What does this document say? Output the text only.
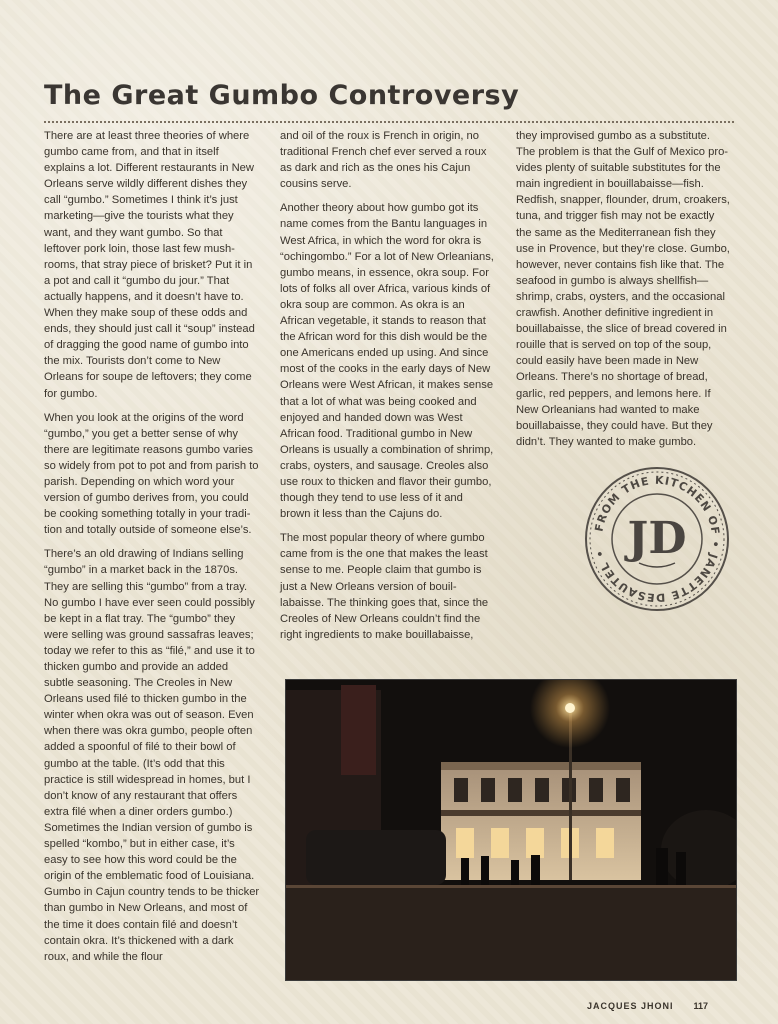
The Great Gumbo Controversy

There are at least three theories of where gumbo came from, and that in itself explains a lot. Different restaurants in New Orleans serve wildly different dishes they call “gumbo.” Sometimes I think it’s just marketing—give the tourists what they want, and they want gumbo. So that leftover pork loin, those last few mush-rooms, that stray piece of brisket? Put it in a pot and call it “gumbo du jour.” That actually happens, and it doesn’t have to. When they make soup of these odds and ends, they should just call it “soup” instead of dragging the good name of gumbo into the mix. Tourists don’t come to New Orleans for soupe de leftovers; they come for gumbo.

When you look at the origins of the word “gumbo,” you get a better sense of why there are legitimate reasons gumbo varies so widely from pot to pot and from parish to parish. Depending on which word your version of gumbo derives from, you could be cooking something totally in your tradi-tion and totally outside of someone else’s.

There’s an old drawing of Indians selling “gumbo” in a market back in the 1870s. They are selling this “gumbo” from a tray. No gumbo I have ever seen could possibly be kept in a flat tray. The “gumbo” they were selling was ground sassafras leaves; today we refer to this as “filé,” and use it to thicken gumbo and provide an added subtle seasoning. The Creoles in New Orleans used filé to thicken gumbo in the winter when okra was out of season. Even when there was okra gumbo, people often added a spoonful of filé to their bowl of gumbo at the table. (It’s odd that this practice is still widespread in homes, but I don’t know of any restaurant that offers extra filé when a diner orders gumbo.) Sometimes the Indian version of gumbo is spelled “kombo,” but in either case, it’s easy to see how this word could be the origin of the emblematic food of Louisiana. Gumbo in Cajun country tends to be thicker than gumbo in New Orleans, and most of the time it does contain filé and doesn’t contain okra. It’s thickened with a dark roux, and while the flour

and oil of the roux is French in origin, no traditional French chef ever served a roux as dark and rich as the ones his Cajun cousins serve.

Another theory about how gumbo got its name comes from the Bantu languages in West Africa, in which the word for okra is “ochingombo.” For a lot of New Orleanians, gumbo means, in essence, okra soup. For lots of folks all over Africa, various kinds of okra soup are common. As okra is an African vegetable, it stands to reason that the African word for this dish would be the one Americans ended up using. And since most of the cooks in the early days of New Orleans were West African, it makes sense that a lot of what was being cooked and enjoyed and handed down was West African food. Traditional gumbo in New Orleans is usually a combination of shrimp, crabs, oysters, and sausage. Creoles also use roux to thicken and flavor their gumbo, though they tend to use less of it and brown it less than the Cajuns do.

The most popular theory of where gumbo came from is the one that makes the least sense to me. People claim that gumbo is just a New Orleans version of bouil-labaisse. The thinking goes that, since the Creoles of New Orleans couldn’t find the right ingredients to make bouillabaisse,

they improvised gumbo as a substitute. The problem is that the Gulf of Mexico pro-vides plenty of suitable substitutes for the main ingredient in bouillabaisse—fish. Redfish, snapper, flounder, drum, croakers, tuna, and trigger fish may not be exactly the same as the Mediterranean fish they use in Provence, but they’re close. Gumbo, however, never contains fish like that. The seafood in gumbo is always shellfish—shrimp, crabs, oysters, and the occasional crawfish. Another definitive ingredient in bouillabaisse, the slice of bread covered in rouille that is served on top of the soup, could easily have been made in New Orleans. There’s no shortage of bread, garlic, red peppers, and lemons here. If New Orleanians had wanted to make bouillabaisse, they could have. But they didn’t. They wanted to make gumbo.

FROM THE KITCHEN OF • JANETTE DESAUTEL • JD
JACQUES JHONI 117
